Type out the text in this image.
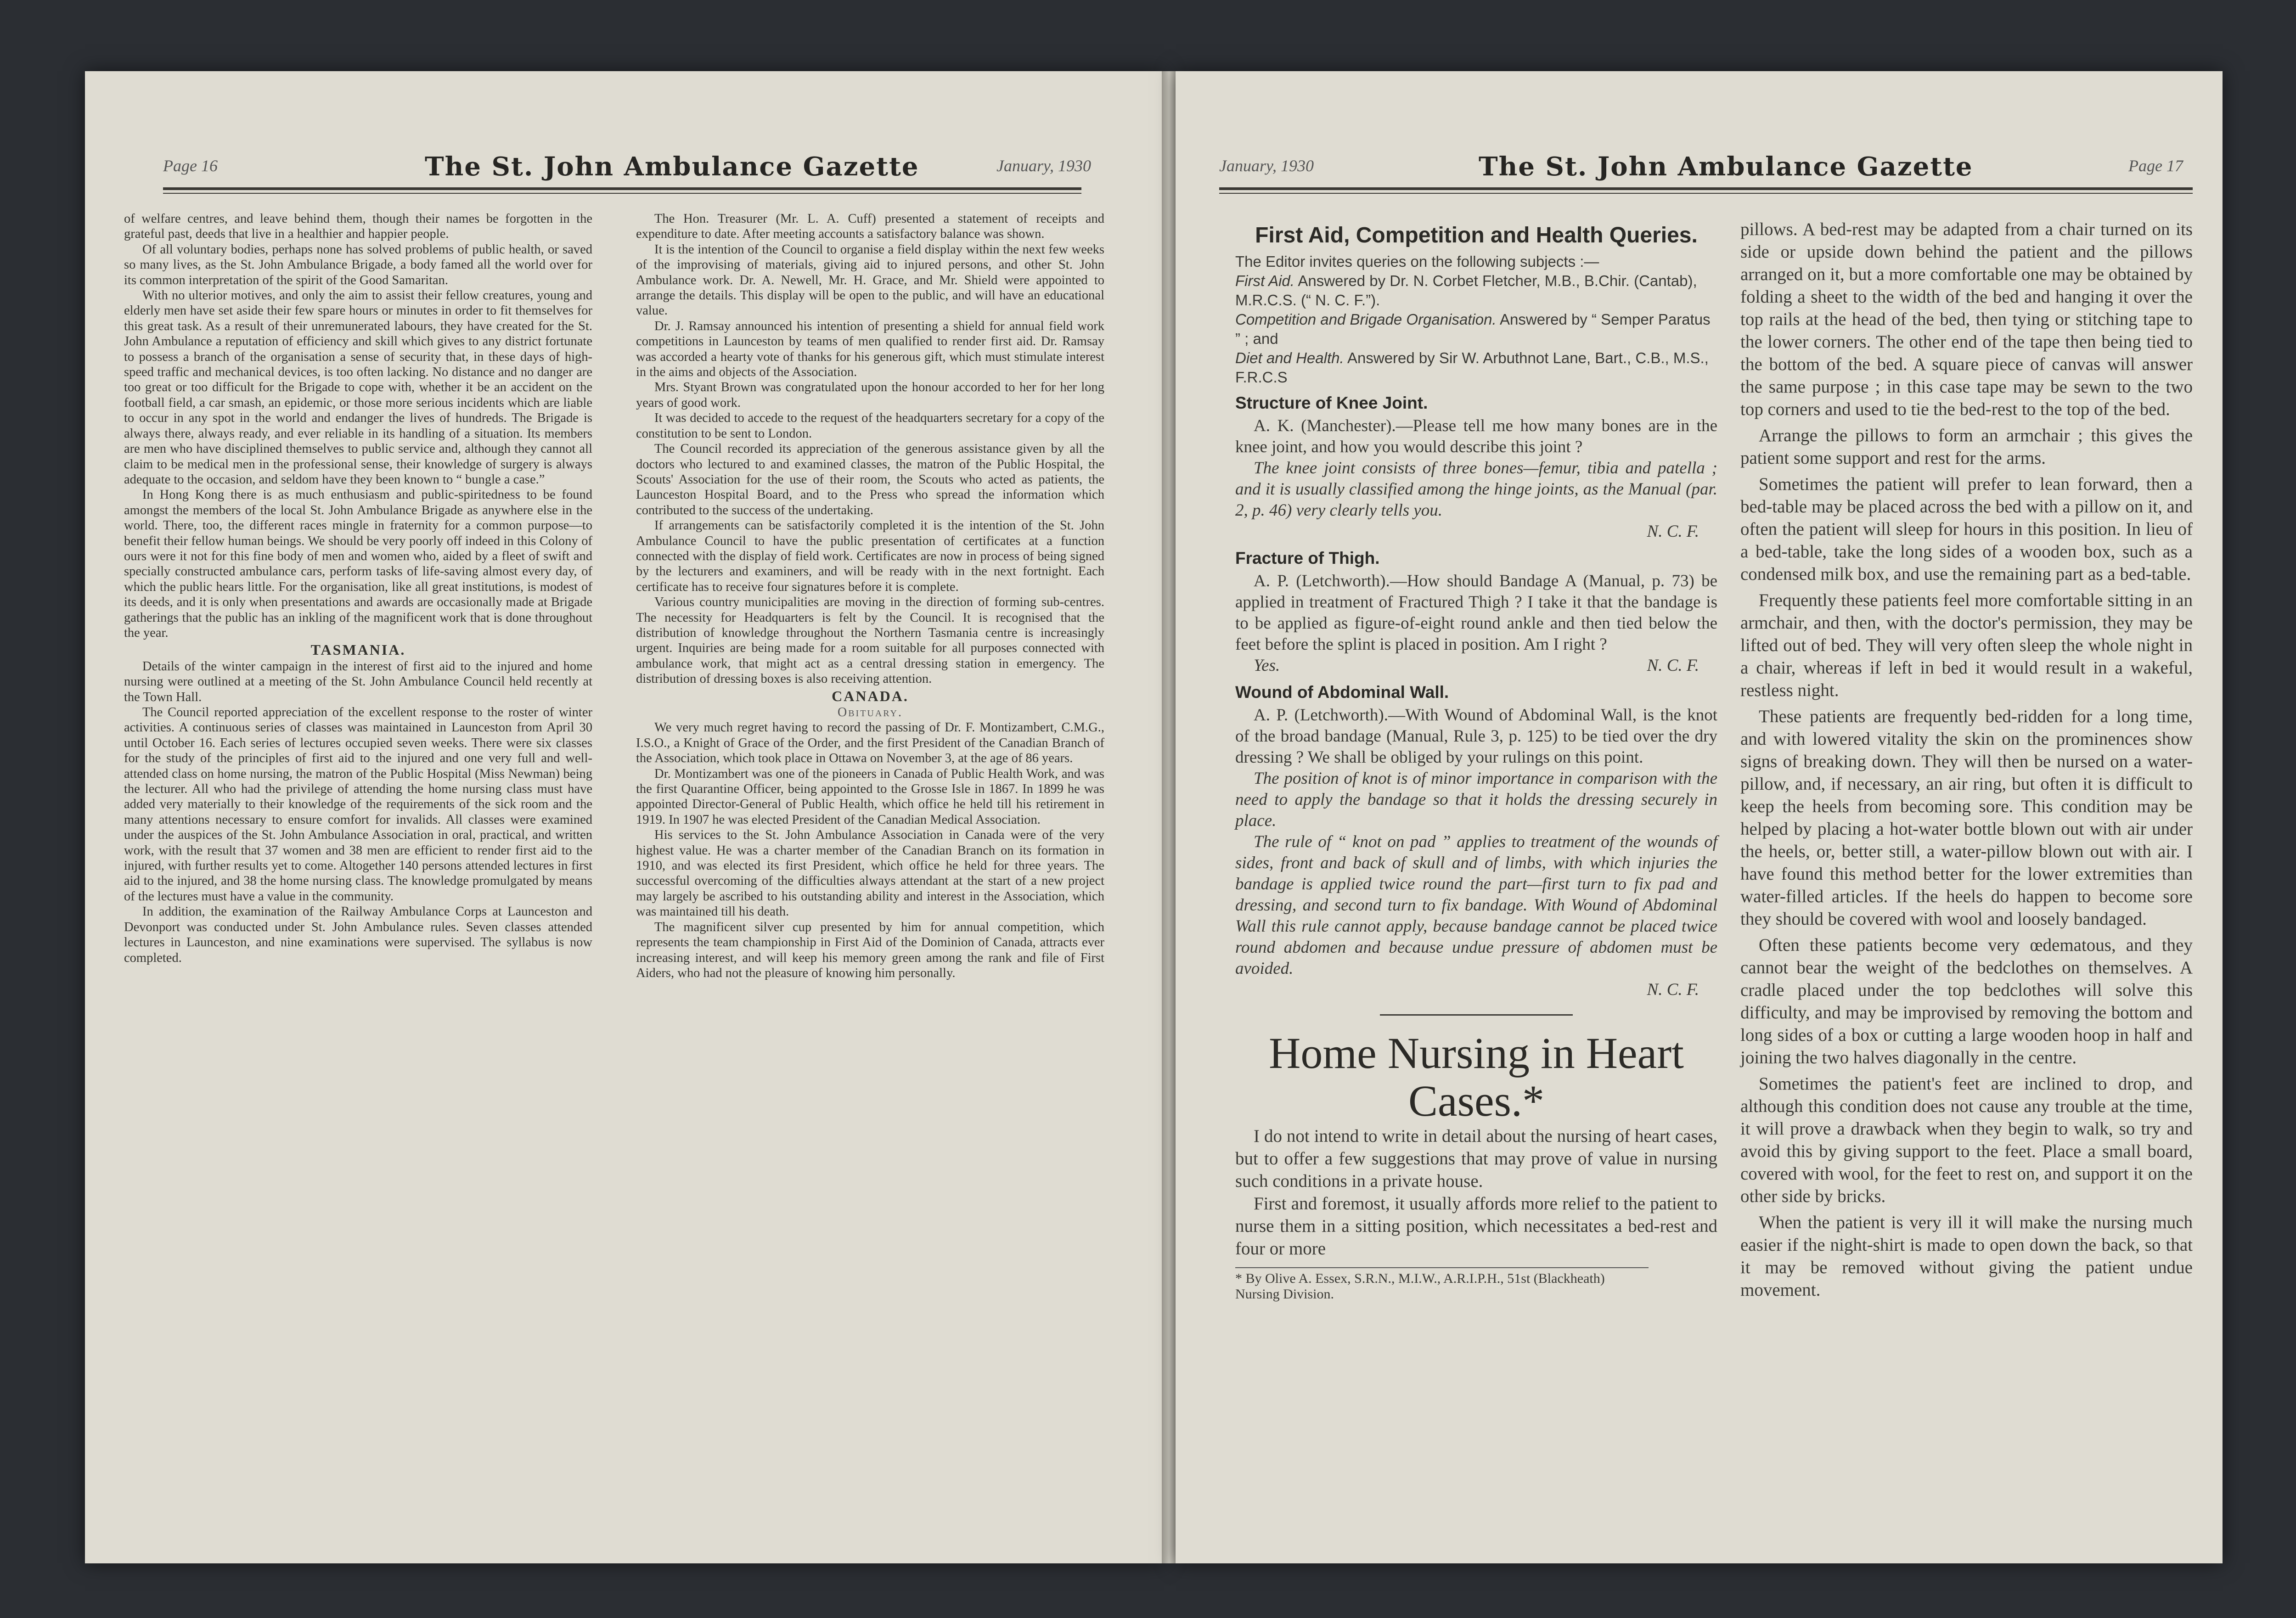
Page 16	The St. John Ambulance Gazette	January, 1930

of welfare centres, and leave behind them, though their names be forgotten in the grateful past, deeds that live in a healthier and happier people.

Of all voluntary bodies, perhaps none has solved problems of public health, or saved so many lives, as the St. John Ambulance Brigade, a body famed all the world over for its common interpretation of the spirit of the Good Samaritan.

With no ulterior motives, and only the aim to assist their fellow creatures, young and elderly men have set aside their few spare hours or minutes in order to fit themselves for this great task. As a result of their unremunerated labours, they have created for the St. John Ambulance a reputation of efficiency and skill which gives to any district fortunate to possess a branch of the organisation a sense of security that, in these days of high-speed traffic and mechanical devices, is too often lacking. No distance and no danger are too great or too difficult for the Brigade to cope with, whether it be an accident on the football field, a car smash, an epidemic, or those more serious incidents which are liable to occur in any spot in the world and endanger the lives of hundreds. The Brigade is always there, always ready, and ever reliable in its handling of a situation. Its members are men who have disciplined themselves to public service and, although they cannot all claim to be medical men in the professional sense, their knowledge of surgery is always adequate to the occasion, and seldom have they been known to “ bungle a case.”

In Hong Kong there is as much enthusiasm and public-spiritedness to be found amongst the members of the local St. John Ambulance Brigade as anywhere else in the world. There, too, the different races mingle in fraternity for a common purpose—to benefit their fellow human beings. We should be very poorly off indeed in this Colony of ours were it not for this fine body of men and women who, aided by a fleet of swift and specially constructed ambulance cars, perform tasks of life-saving almost every day, of which the public hears little. For the organisation, like all great institutions, is modest of its deeds, and it is only when presentations and awards are occasionally made at Brigade gatherings that the public has an inkling of the magnificent work that is done throughout the year.

TASMANIA.

Details of the winter campaign in the interest of first aid to the injured and home nursing were outlined at a meeting of the St. John Ambulance Council held recently at the Town Hall.

The Council reported appreciation of the excellent response to the roster of winter activities. A continuous series of classes was maintained in Launceston from April 30 until October 16. Each series of lectures occupied seven weeks. There were six classes for the study of the principles of first aid to the injured and one very full and well-attended class on home nursing, the matron of the Public Hospital (Miss Newman) being the lecturer. All who had the privilege of attending the home nursing class must have added very materially to their knowledge of the requirements of the sick room and the many attentions necessary to ensure comfort for invalids. All classes were examined under the auspices of the St. John Ambulance Association in oral, practical, and written work, with the result that 37 women and 38 men are efficient to render first aid to the injured, with further results yet to come. Altogether 140 persons attended lectures in first aid to the injured, and 38 the home nursing class. The knowledge promulgated by means of the lectures must have a value in the community.

In addition, the examination of the Railway Ambulance Corps at Launceston and Devonport was conducted under St. John Ambulance rules. Seven classes attended lectures in Launceston, and nine examinations were supervised. The syllabus is now completed.

The Hon. Treasurer (Mr. L. A. Cuff) presented a statement of receipts and expenditure to date. After meeting accounts a satisfactory balance was shown.

It is the intention of the Council to organise a field display within the next few weeks of the improvising of materials, giving aid to injured persons, and other St. John Ambulance work. Dr. A. Newell, Mr. H. Grace, and Mr. Shield were appointed to arrange the details. This display will be open to the public, and will have an educational value.

Dr. J. Ramsay announced his intention of presenting a shield for annual field work competitions in Launceston by teams of men qualified to render first aid. Dr. Ramsay was accorded a hearty vote of thanks for his generous gift, which must stimulate interest in the aims and objects of the Association.

Mrs. Styant Brown was congratulated upon the honour accorded to her for her long years of good work.

It was decided to accede to the request of the headquarters secretary for a copy of the constitution to be sent to London.

The Council recorded its appreciation of the generous assistance given by all the doctors who lectured to and examined classes, the matron of the Public Hospital, the Scouts' Association for the use of their room, the Scouts who acted as patients, the Launceston Hospital Board, and to the Press who spread the information which contributed to the success of the undertaking.

If arrangements can be satisfactorily completed it is the intention of the St. John Ambulance Council to have the public presentation of certificates at a function connected with the display of field work. Certificates are now in process of being signed by the lecturers and examiners, and will be ready with in the next fortnight. Each certificate has to receive four signatures before it is complete.

Various country municipalities are moving in the direction of forming sub-centres. The necessity for Headquarters is felt by the Council. It is recognised that the distribution of knowledge throughout the Northern Tasmania centre is increasingly urgent. Inquiries are being made for a room suitable for all purposes connected with ambulance work, that might act as a central dressing station in emergency. The distribution of dressing boxes is also receiving attention.

CANADA.
Obituary.

We very much regret having to record the passing of Dr. F. Montizambert, C.M.G., I.S.O., a Knight of Grace of the Order, and the first President of the Canadian Branch of the Association, which took place in Ottawa on November 3, at the age of 86 years.

Dr. Montizambert was one of the pioneers in Canada of Public Health Work, and was the first Quarantine Officer, being appointed to the Grosse Isle in 1867. In 1899 he was appointed Director-General of Public Health, which office he held till his retirement in 1919. In 1907 he was elected President of the Canadian Medical Association.

His services to the St. John Ambulance Association in Canada were of the very highest value. He was a charter member of the Canadian Branch on its formation in 1910, and was elected its first President, which office he held for three years. The successful overcoming of the difficulties always attendant at the start of a new project may largely be ascribed to his outstanding ability and interest in the Association, which was maintained till his death.

The magnificent silver cup presented by him for annual competition, which represents the team championship in First Aid of the Dominion of Canada, attracts ever increasing interest, and will keep his memory green among the rank and file of First Aiders, who had not the pleasure of knowing him personally.

January, 1930	The St. John Ambulance Gazette	Page 17
First Aid, Competition and Health Queries.
The Editor invites queries on the following subjects :—
First Aid. Answered by Dr. N. Corbet Fletcher, M.B., B.Chir. (Cantab), M.R.C.S. (“ N. C. F.”).
Competition and Brigade Organisation. Answered by “ Semper Paratus ” ; and
Diet and Health. Answered by Sir W. Arbuthnot Lane, Bart., C.B., M.S., F.R.C.S
Structure of Knee Joint.

A. K. (Manchester).—Please tell me how many bones are in the knee joint, and how you would describe this joint ?

The knee joint consists of three bones—femur, tibia and patella ; and it is usually classified among the hinge joints, as the Manual (par. 2, p. 46) very clearly tells you.

N. C. F.
Fracture of Thigh.

A. P. (Letchworth).—How should Bandage A (Manual, p. 73) be applied in treatment of Fractured Thigh ? I take it that the bandage is to be applied as figure-of-eight round ankle and then tied below the feet before the splint is placed in position. Am I right ?

Yes.	N. C. F.
Wound of Abdominal Wall.

A. P. (Letchworth).—With Wound of Abdominal Wall, is the knot of the broad bandage (Manual, Rule 3, p. 125) to be tied over the dry dressing ? We shall be obliged by your rulings on this point.

The position of knot is of minor importance in comparison with the need to apply the bandage so that it holds the dressing securely in place.

The rule of “ knot on pad ” applies to treatment of the wounds of sides, front and back of skull and of limbs, with which injuries the bandage is applied twice round the part—first turn to fix pad and dressing, and second turn to fix bandage. With Wound of Abdominal Wall this rule cannot apply, because bandage cannot be placed twice round abdomen and because undue pressure of abdomen must be avoided.

N. C. F.
Home Nursing in Heart Cases.*

I do not intend to write in detail about the nursing of heart cases, but to offer a few suggestions that may prove of value in nursing such conditions in a private house.

First and foremost, it usually affords more relief to the patient to nurse them in a sitting position, which necessitates a bed-rest and four or more

* By Olive A. Essex, S.R.N., M.I.W., A.R.I.P.H., 51st (Blackheath) Nursing Division.

pillows. A bed-rest may be adapted from a chair turned on its side or upside down behind the patient and the pillows arranged on it, but a more comfortable one may be obtained by folding a sheet to the width of the bed and hanging it over the top rails at the head of the bed, then tying or stitching tape to the lower corners. The other end of the tape then being tied to the bottom of the bed. A square piece of canvas will answer the same purpose ; in this case tape may be sewn to the two top corners and used to tie the bed-rest to the top of the bed.

Arrange the pillows to form an armchair ; this gives the patient some support and rest for the arms.

Sometimes the patient will prefer to lean forward, then a bed-table may be placed across the bed with a pillow on it, and often the patient will sleep for hours in this position. In lieu of a bed-table, take the long sides of a wooden box, such as a condensed milk box, and use the remaining part as a bed-table.

Frequently these patients feel more comfortable sitting in an armchair, and then, with the doctor's permission, they may be lifted out of bed. They will very often sleep the whole night in a chair, whereas if left in bed it would result in a wakeful, restless night.

These patients are frequently bed-ridden for a long time, and with lowered vitality the skin on the prominences show signs of breaking down. They will then be nursed on a water-pillow, and, if necessary, an air ring, but often it is difficult to keep the heels from becoming sore. This condition may be helped by placing a hot-water bottle blown out with air under the heels, or, better still, a water-pillow blown out with air. I have found this method better for the lower extremities than water-filled articles. If the heels do happen to become sore they should be covered with wool and loosely bandaged.

Often these patients become very œdematous, and they cannot bear the weight of the bedclothes on themselves. A cradle placed under the top bedclothes will solve this difficulty, and may be improvised by removing the bottom and long sides of a box or cutting a large wooden hoop in half and joining the two halves diagonally in the centre.

Sometimes the patient's feet are inclined to drop, and although this condition does not cause any trouble at the time, it will prove a drawback when they begin to walk, so try and avoid this by giving support to the feet. Place a small board, covered with wool, for the feet to rest on, and support it on the other side by bricks.

When the patient is very ill it will make the nursing much easier if the night-shirt is made to open down the back, so that it may be removed without giving the patient undue movement.
